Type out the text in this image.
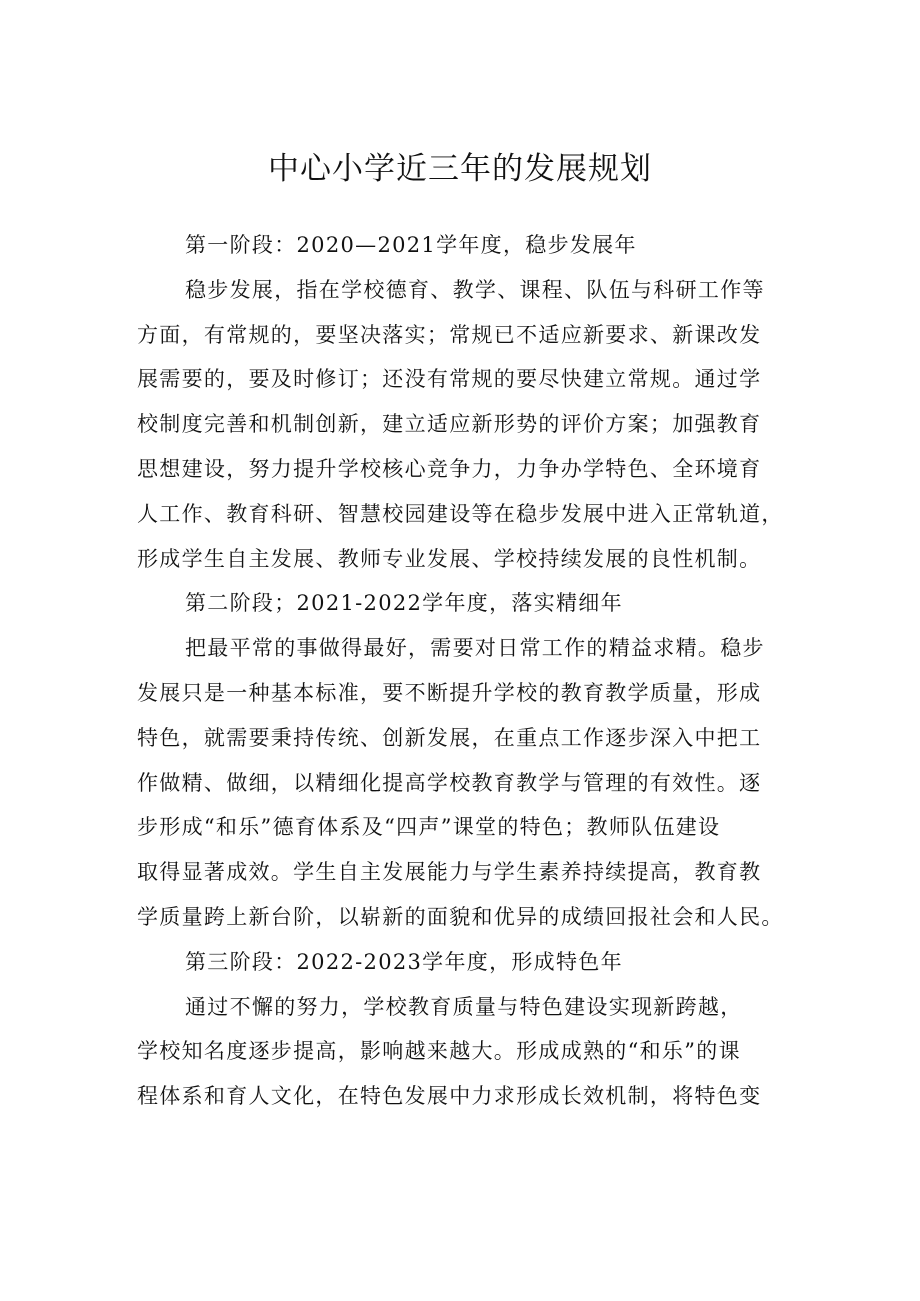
中心小学近三年的发展规划
第一阶段：2020—2021学年度，稳步发展年
稳步发展，指在学校德育、教学、课程、队伍与科研工作等
方面，有常规的，要坚决落实；常规已不适应新要求、新课改发
展需要的，要及时修订；还没有常规的要尽快建立常规。通过学
校制度完善和机制创新，建立适应新形势的评价方案；加强教育
思想建设，努力提升学校核心竞争力，力争办学特色、全环境育
人工作、教育科研、智慧校园建设等在稳步发展中进入正常轨道，
形成学生自主发展、教师专业发展、学校持续发展的良性机制。
第二阶段；2021-2022学年度，落实精细年
把最平常的事做得最好，需要对日常工作的精益求精。稳步
发展只是一种基本标准，要不断提升学校的教育教学质量，形成
特色，就需要秉持传统、创新发展，在重点工作逐步深入中把工
作做精、做细，以精细化提高学校教育教学与管理的有效性。逐
步形成“和乐”德育体系及“四声”课堂的特色；教师队伍建设
取得显著成效。学生自主发展能力与学生素养持续提高，教育教
学质量跨上新台阶，以崭新的面貌和优异的成绩回报社会和人民。
第三阶段：2022-2023学年度，形成特色年
通过不懈的努力，学校教育质量与特色建设实现新跨越，
学校知名度逐步提高，影响越来越大。形成成熟的“和乐”的课
程体系和育人文化，在特色发展中力求形成长效机制，将特色变
